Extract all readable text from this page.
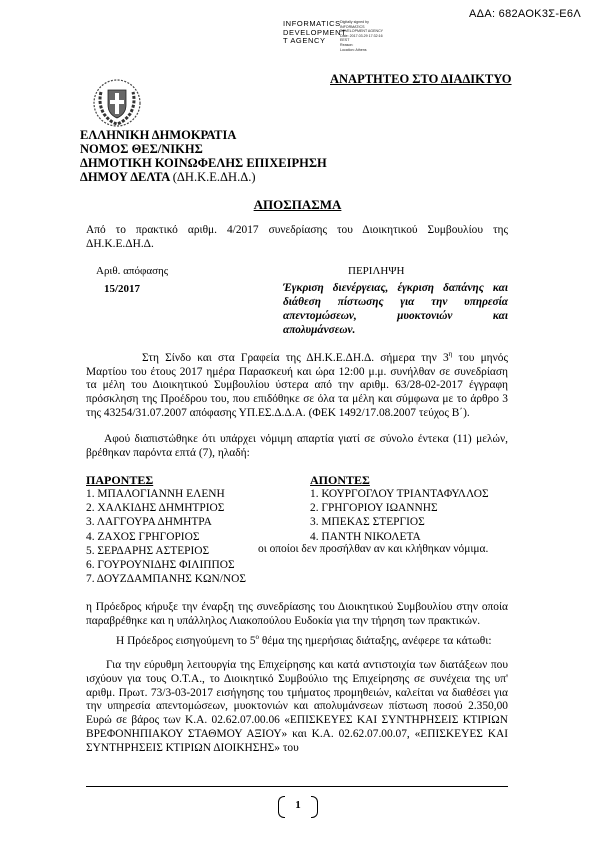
ΑΔΑ: 682ΑΟΚ3Σ-Ε6Λ
INFORMATICS
DEVELOPMENT
T AGENCY
Digitally signed by
INFORMATICS
DEVELOPMENT AGENCY
Date: 2017.03.29 17:32:16
EEST
Reason:
Location: Athens
ΑΝΑΡΤΗΤΕΟ ΣΤΟ ΔΙΑΔΙΚΤΥΟ
ΕΛΛΗΝΙΚΗ ΔΗΜΟΚΡΑΤΙΑ
ΝΟΜΟΣ ΘΕΣ/ΝΙΚΗΣ
ΔΗΜΟΤΙΚΗ ΚΟΙΝΩΦΕΛΗΣ ΕΠΙΧΕΙΡΗΣΗ
ΔΗΜΟΥ ΔΕΛΤΑ (ΔΗ.Κ.Ε.ΔΗ.Δ.)
ΑΠΟΣΠΑΣΜΑ
Από το πρακτικό αριθμ. 4/2017 συνεδρίασης του Διοικητικού Συμβουλίου της ΔΗ.Κ.Ε.ΔΗ.Δ.
Αριθ. απόφασης
15/2017
ΠΕΡΙΛΗΨΗ
Έγκριση διενέργειας, έγκριση δαπάνης και διάθεση πίστωσης για την υπηρεσία απεντομώσεων, μυοκτονιών και απολυμάνσεων.
Στη Σίνδο και στα Γραφεία της ΔΗ.Κ.Ε.ΔΗ.Δ. σήμερα την $3^\eta$ του μηνός Μαρτίου του έτους 2017 ημέρα Παρασκευή και ώρα 12:00 μ.μ. συνήλθαν σε συνεδρίαση τα μέλη του Διοικητικού Συμβουλίου ύστερα από την αριθμ. 63/28-02-2017 έγγραφη πρόσκληση της Προέδρου του, που επιδόθηκε σε όλα τα μέλη και σύμφωνα με το άρθρο 3 της 43254/31.07.2007 απόφασης ΥΠ.ΕΣ.Δ.Δ.Α. (ΦΕΚ 1492/17.08.2007 τεύχος Β΄).
Αφού διαπιστώθηκε ότι υπάρχει νόμιμη απαρτία γιατί σε σύνολο έντεκα (11) μελών, βρέθηκαν παρόντα επτά (7), ηλαδή:
ΠΑΡΟΝΤΕΣ	ΑΠΟΝΤΕΣ
1. ΜΠΑΛΟΓΙΑΝΝΗ ΕΛΕΝΗ
2. ΧΑΛΚΙΔΗΣ ΔΗΜΗΤΡΙΟΣ
3. ΛΑΓΓΟΥΡΑ ΔΗΜΗΤΡΑ
4. ΖΑΧΟΣ ΓΡΗΓΟΡΙΟΣ
5. ΣΕΡΔΑΡΗΣ ΑΣΤΕΡΙΟΣ
6. ΓΟΥΡΟΥΝΙΔΗΣ ΦΙΛΙΠΠΟΣ
7. ΔΟΥΖΔΑΜΠΑΝΗΣ ΚΩΝ/ΝΟΣ
1. ΚΟΥΡΓΟΓΛΟΥ ΤΡΙΑΝΤΑΦΥΛΛΟΣ
2. ΓΡΗΓΟΡΙΟΥ ΙΩΑΝΝΗΣ
3. ΜΠΕΚΑΣ ΣΤΕΡΓΙΟΣ
4. ΠΑΝΤΗ ΝΙΚΟΛΕΤΑ
οι οποίοι δεν προσήλθαν αν και κλήθηκαν νόμιμα.
η Πρόεδρος κήρυξε την έναρξη της συνεδρίασης του Διοικητικού Συμβουλίου στην οποία παραβρέθηκε και η υπάλληλος Λιακοπούλου Ευδοκία για την τήρηση των πρακτικών.
Η Πρόεδρος εισηγούμενη το $5^o$ θέμα της ημερήσιας διάταξης, ανέφερε τα κάτωθι:
Για την εύρυθμη λειτουργία της Επιχείρησης και κατά αντιστοιχία των διατάξεων που ισχύουν για τους Ο.Τ.Α., το Διοικητικό Συμβούλιο της Επιχείρησης σε συνέχεια της υπ' αριθμ. Πρωτ. 73/3-03-2017 εισήγησης του τμήματος προμηθειών, καλείται να διαθέσει για την υπηρεσία απεντομώσεων, μυοκτονιών και απολυμάνσεων πίστωση ποσού 2.350,00 Ευρώ σε βάρος των Κ.Α. 02.62.07.00.06 «ΕΠΙΣΚΕΥΕΣ ΚΑΙ ΣΥΝΤΗΡΗΣΕΙΣ ΚΤΙΡΙΩΝ ΒΡΕΦΟΝΗΠΙΑΚΟΥ ΣΤΑΘΜΟΥ ΑΞΙΟΥ» και Κ.Α. 02.62.07.00.07, «ΕΠΙΣΚΕΥΕΣ ΚΑΙ ΣΥΝΤΗΡΗΣΕΙΣ ΚΤΙΡΙΩΝ ΔΙΟΙΚΗΣΗΣ» του
1
